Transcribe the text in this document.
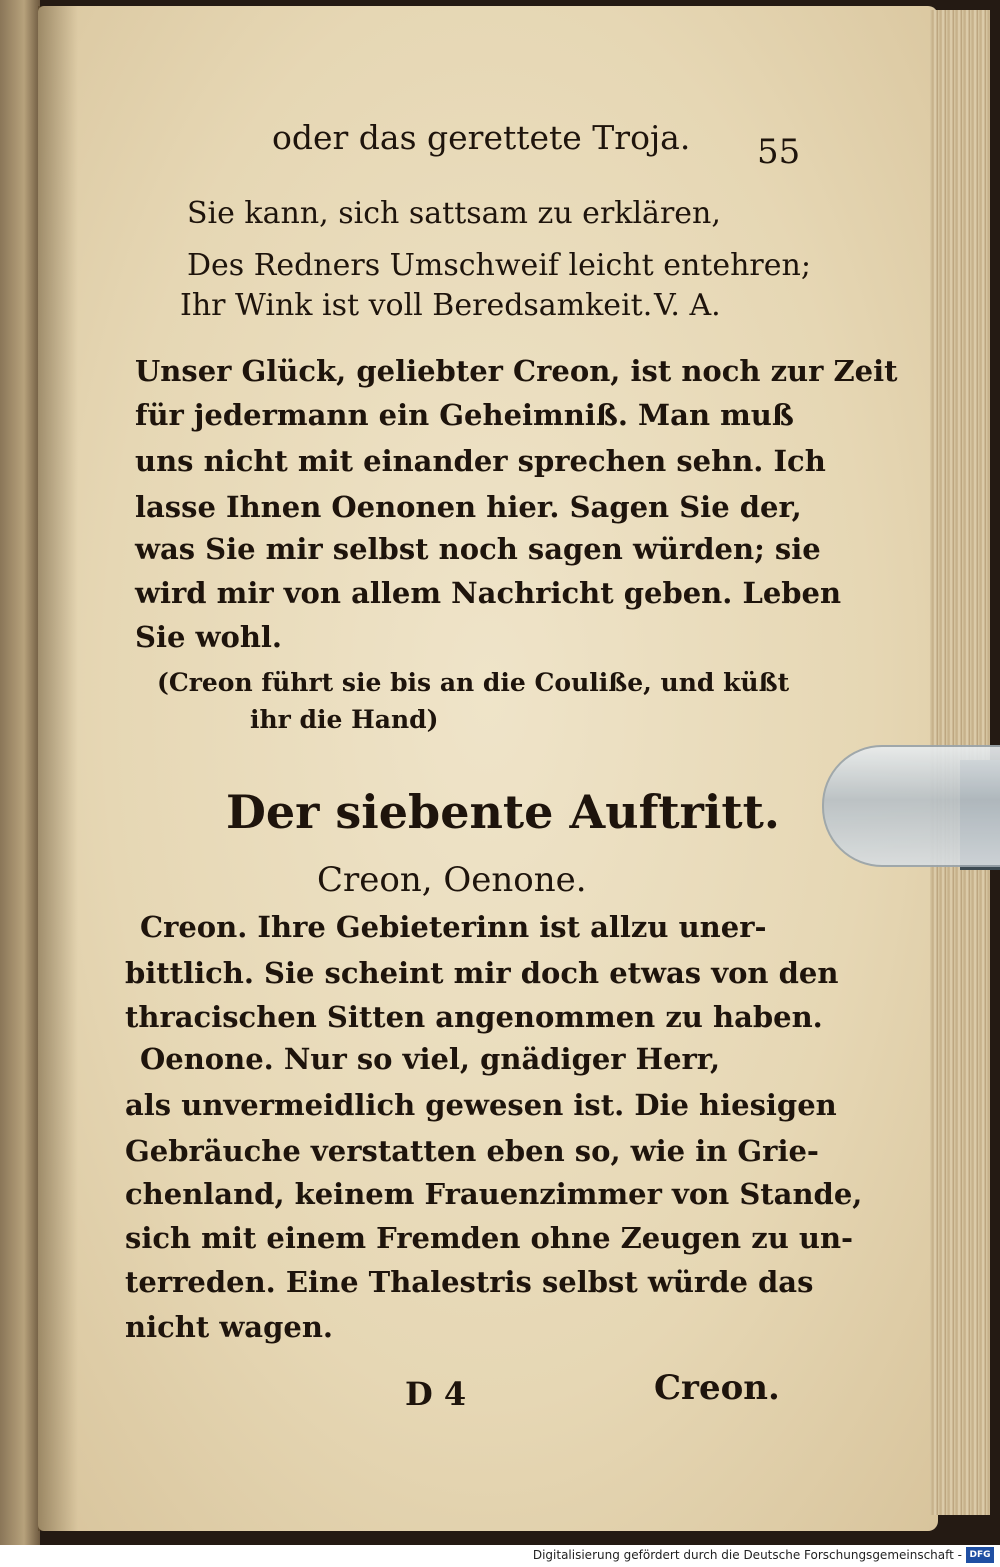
oder das gerettete Troja. 55
Sie kann, sich sattsam zu erklären,
Des Redners Umschweif leicht entehren;
Ihr Wink ist voll Beredsamkeit. V. A.
Unser Glück, geliebter Creon, ist noch zur Zeit
für jedermann ein Geheimniß. Man muß
uns nicht mit einander sprechen sehn. Ich
lasse Ihnen Oenonen hier. Sagen Sie der,
was Sie mir selbst noch sagen würden; sie
wird mir von allem Nachricht geben. Leben
Sie wohl.
(Creon führt sie bis an die Couliße, und küßt
ihr die Hand)
Der siebente Auftritt.
Creon, Oenone.
Creon. Ihre Gebieterinn ist allzu uner-
bittlich. Sie scheint mir doch etwas von den
thracischen Sitten angenommen zu haben.
Oenone. Nur so viel, gnädiger Herr,
als unvermeidlich gewesen ist. Die hiesigen
Gebräuche verstatten eben so, wie in Grie-
chenland, keinem Frauenzimmer von Stande,
sich mit einem Fremden ohne Zeugen zu un-
terreden. Eine Thalestris selbst würde das
nicht wagen.
D 4	Creon.
Digitalisierung gefördert durch die Deutsche Forschungsgemeinschaft - DFG
